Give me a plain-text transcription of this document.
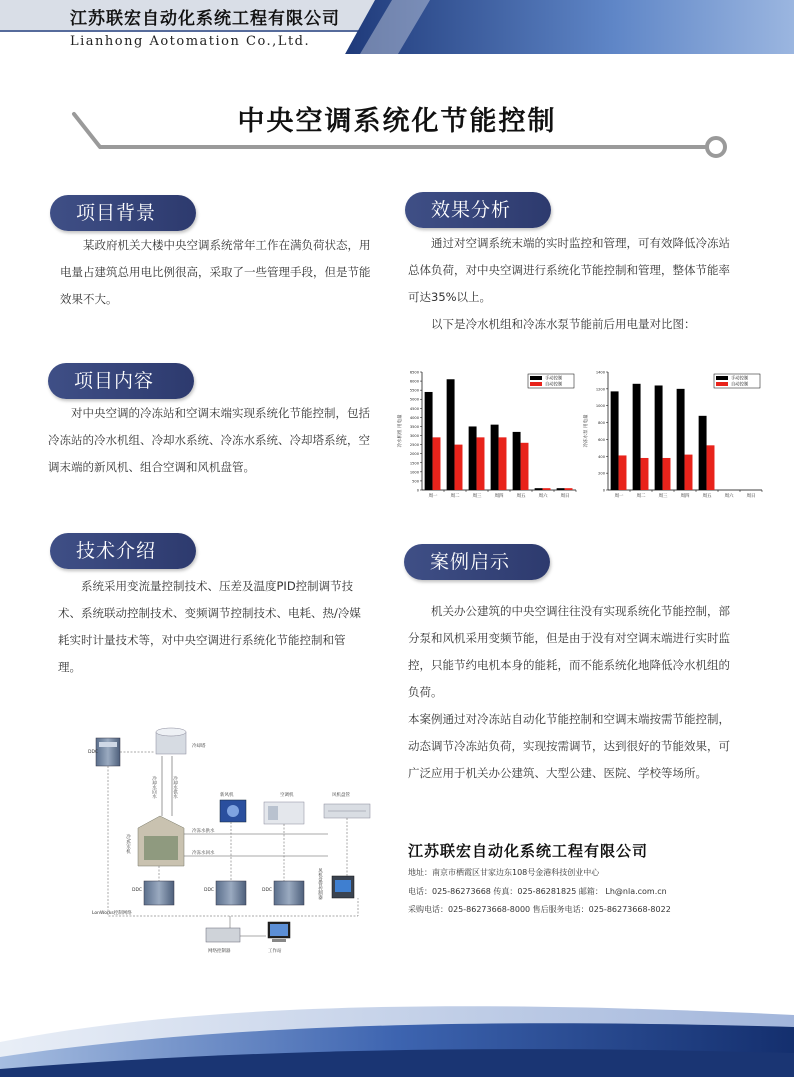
江苏联宏自动化系统工程有限公司
Lianhong Aotomation Co.,Ltd.
中央空调系统化节能控制
项目背景

某政府机关大楼中央空调系统常年工作在满负荷状态，用电量占建筑总用电比例很高，采取了一些管理手段，但是节能效果不大。

项目内容

对中央空调的冷冻站和空调末端实现系统化节能控制，包括冷冻站的冷水机组、冷却水系统、冷冻水系统、冷却塔系统，空调末端的新风机、组合空调和风机盘管。

技术介绍

系统采用变流量控制技术、压差及温度PID控制调节技术、系统联动控制技术、变频调节控制技术、电耗、热/冷媒耗实时计量技术等，对中央空调进行系统化节能控制和管理。

DDC
冷却塔
冷却水回水	冷却水供水
冷/热水机
冷冻水供水
冷冻水回水
新风机	空调机	风机盘管
风机盘管控制器
DDC	DDC	DDC
LonWorks控制网络
网络控制器	工作站
效果分析

通过对空调系统末端的实时监控和管理，可有效降低冷冻站总体负荷，对中央空调进行系统化节能控制和管理，整体节能率可达35%以上。

以下是冷水机组和冷冻水泵节能前后用电量对比图：

0
500
1000
1500
2000
2500
3000
3500
4000
4500
5000
5500
6000
6500
冷水机组 用电量
周一	周二	周三	周四	周五	周六	周日
手动控制
自动控制
0
200
400
600
800
1000
1200
1400
冷冻水泵 用电量
周一	周二	周三	周四	周五	周六	周日
手动控制
自动控制
案例启示

机关办公建筑的中央空调往往没有实现系统化节能控制，部分泵和风机采用变频节能，但是由于没有对空调末端进行实时监控，只能节约电机本身的能耗，而不能系统化地降低冷水机组的负荷。

本案例通过对冷冻站自动化节能控制和空调末端按需节能控制，动态调节冷冻站负荷，实现按需调节，达到很好的节能效果，可广泛应用于机关办公建筑、大型公建、医院、学校等场所。

江苏联宏自动化系统工程有限公司
地址：南京市栖霞区甘家边东108号金港科技创业中心
电话：025-86273668 传真：025-86281825 邮箱： Lh@nla.com.cn
采购电话：025-86273668-8000 售后服务电话：025-86273668-8022
